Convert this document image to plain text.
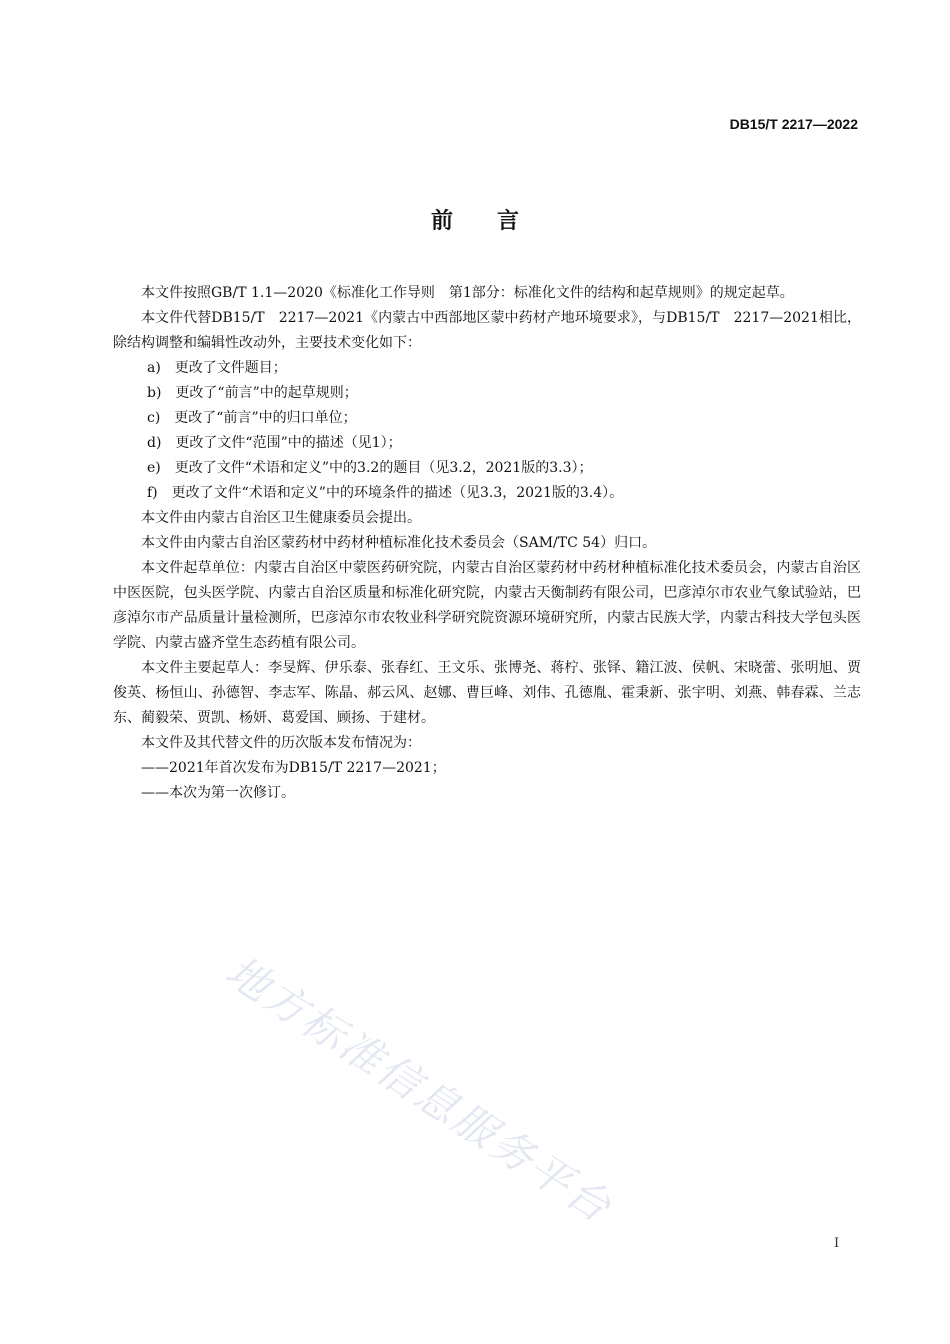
DB15/T 2217—2022
前言

本文件按照GB/T 1.1—2020《标准化工作导则　第1部分：标准化文件的结构和起草规则》的规定起草。

本文件代替DB15/T　2217—2021《内蒙古中西部地区蒙中药材产地环境要求》，与DB15/T　2217—2021相比，除结构调整和编辑性改动外，主要技术变化如下：

a)　更改了文件题目；

b)　更改了“前言”中的起草规则；

c)　更改了“前言”中的归口单位；

d)　更改了文件“范围”中的描述（见1）；

e)　更改了文件“术语和定义”中的3.2的题目（见3.2，2021版的3.3）；

f)　更改了文件“术语和定义”中的环境条件的描述（见3.3，2021版的3.4）。

本文件由内蒙古自治区卫生健康委员会提出。

本文件由内蒙古自治区蒙药材中药材种植标准化技术委员会（SAM/TC 54）归口。

本文件起草单位：内蒙古自治区中蒙医药研究院，内蒙古自治区蒙药材中药材种植标准化技术委员会，内蒙古自治区中医医院，包头医学院、内蒙古自治区质量和标准化研究院，内蒙古天衡制药有限公司，巴彦淖尔市农业气象试验站，巴彦淖尔市产品质量计量检测所，巴彦淖尔市农牧业科学研究院资源环境研究所，内蒙古民族大学，内蒙古科技大学包头医学院、内蒙古盛齐堂生态药植有限公司。

本文件主要起草人：李旻辉、伊乐泰、张春红、王文乐、张博尧、蒋柠、张铎、籍江波、侯帆、宋晓蕾、张明旭、贾俊英、杨恒山、孙德智、李志军、陈晶、郝云风、赵娜、曹巨峰、刘伟、孔德胤、霍秉新、张宇明、刘燕、韩春霖、兰志东、蔺毅荣、贾凯、杨妍、葛爱国、顾扬、于建材。

本文件及其代替文件的历次版本发布情况为：

——2021年首次发布为DB15/T 2217—2021；

——本次为第一次修订。

地方标准信息服务平台
I
